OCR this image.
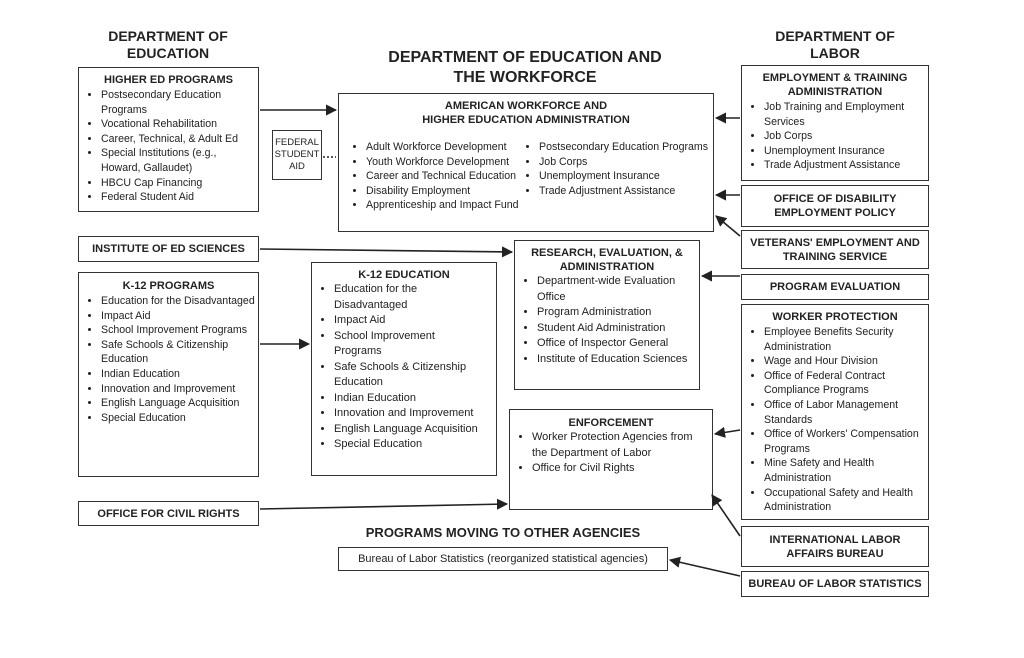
DEPARTMENT OF
EDUCATION	DEPARTMENT OF EDUCATION AND
THE WORKFORCE
DEPARTMENT OF
LABOR
HIGHER ED PROGRAMS
• Postsecondary Education Programs
• Vocational Rehabilitation
• Career, Technical, & Adult Ed
• Special Institutions (e.g., Howard, Gallaudet)
• HBCU Cap Financing
• Federal Student Aid
FEDERAL STUDENT AID
AMERICAN WORKFORCE AND
HIGHER EDUCATION ADMINISTRATION
• Adult Workforce Development
• Youth Workforce Development
• Career and Technical Education
• Disability Employment
• Apprenticeship and Impact Fund
• Postsecondary Education Programs
• Job Corps
• Unemployment Insurance
• Trade Adjustment Assistance
INSTITUTE OF ED SCIENCES
K-12 PROGRAMS
• Education for the Disadvantaged
• Impact Aid
• School Improvement Programs
• Safe Schools & Citizenship Education
• Indian Education
• Innovation and Improvement
• English Language Acquisition
• Special Education
K-12 EDUCATION
• Education for the Disadvantaged
• Impact Aid
• School Improvement Programs
• Safe Schools & Citizenship Education
• Indian Education
• Innovation and Improvement
• English Language Acquisition
• Special Education
RESEARCH, EVALUATION, &
ADMINISTRATION
• Department-wide Evaluation Office
• Program Administration
• Student Aid Administration
• Office of Inspector General
• Institute of Education Sciences
ENFORCEMENT
• Worker Protection Agencies from the Department of Labor
• Office for Civil Rights
OFFICE FOR CIVIL RIGHTS
PROGRAMS MOVING TO OTHER AGENCIES
Bureau of Labor Statistics (reorganized statistical agencies)
EMPLOYMENT & TRAINING
ADMINISTRATION
• Job Training and Employment Services
• Job Corps
• Unemployment Insurance
• Trade Adjustment Assistance
OFFICE OF DISABILITY
EMPLOYMENT POLICY
VETERANS' EMPLOYMENT AND
TRAINING SERVICE
PROGRAM EVALUATION
WORKER PROTECTION
• Employee Benefits Security Administration
• Wage and Hour Division
• Office of Federal Contract Compliance Programs
• Office of Labor Management Standards
• Office of Workers' Compensation Programs
• Mine Safety and Health Administration
• Occupational Safety and Health Administration
INTERNATIONAL LABOR
AFFAIRS BUREAU
BUREAU OF LABOR STATISTICS
